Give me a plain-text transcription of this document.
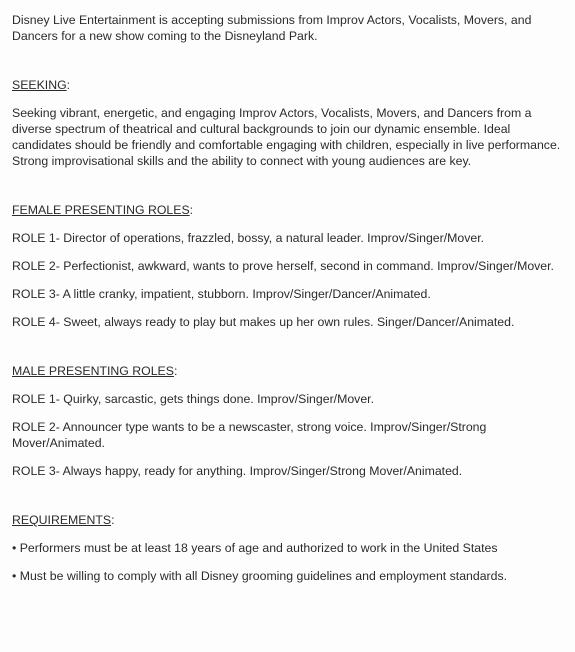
Disney Live Entertainment is accepting submissions from Improv Actors, Vocalists, Movers, and Dancers for a new show coming to the Disneyland Park.

SEEKING:

Seeking vibrant, energetic, and engaging Improv Actors, Vocalists, Movers, and Dancers from a diverse spectrum of theatrical and cultural backgrounds to join our dynamic ensemble. Ideal candidates should be friendly and comfortable engaging with children, especially in live performance. Strong improvisational skills and the ability to connect with young audiences are key.

FEMALE PRESENTING ROLES:

ROLE 1- Director of operations, frazzled, bossy, a natural leader. Improv/Singer/Mover.

ROLE 2- Perfectionist, awkward, wants to prove herself, second in command. Improv/Singer/Mover.

ROLE 3- A little cranky, impatient, stubborn. Improv/Singer/Dancer/Animated.

ROLE 4- Sweet, always ready to play but makes up her own rules. Singer/Dancer/Animated.

MALE PRESENTING ROLES:

ROLE 1- Quirky, sarcastic, gets things done. Improv/Singer/Mover.

ROLE 2- Announcer type wants to be a newscaster, strong voice. Improv/Singer/Strong Mover/Animated.

ROLE 3- Always happy, ready for anything. Improv/Singer/Strong Mover/Animated.

REQUIREMENTS:

• Performers must be at least 18 years of age and authorized to work in the United States

• Must be willing to comply with all Disney grooming guidelines and employment standards.
